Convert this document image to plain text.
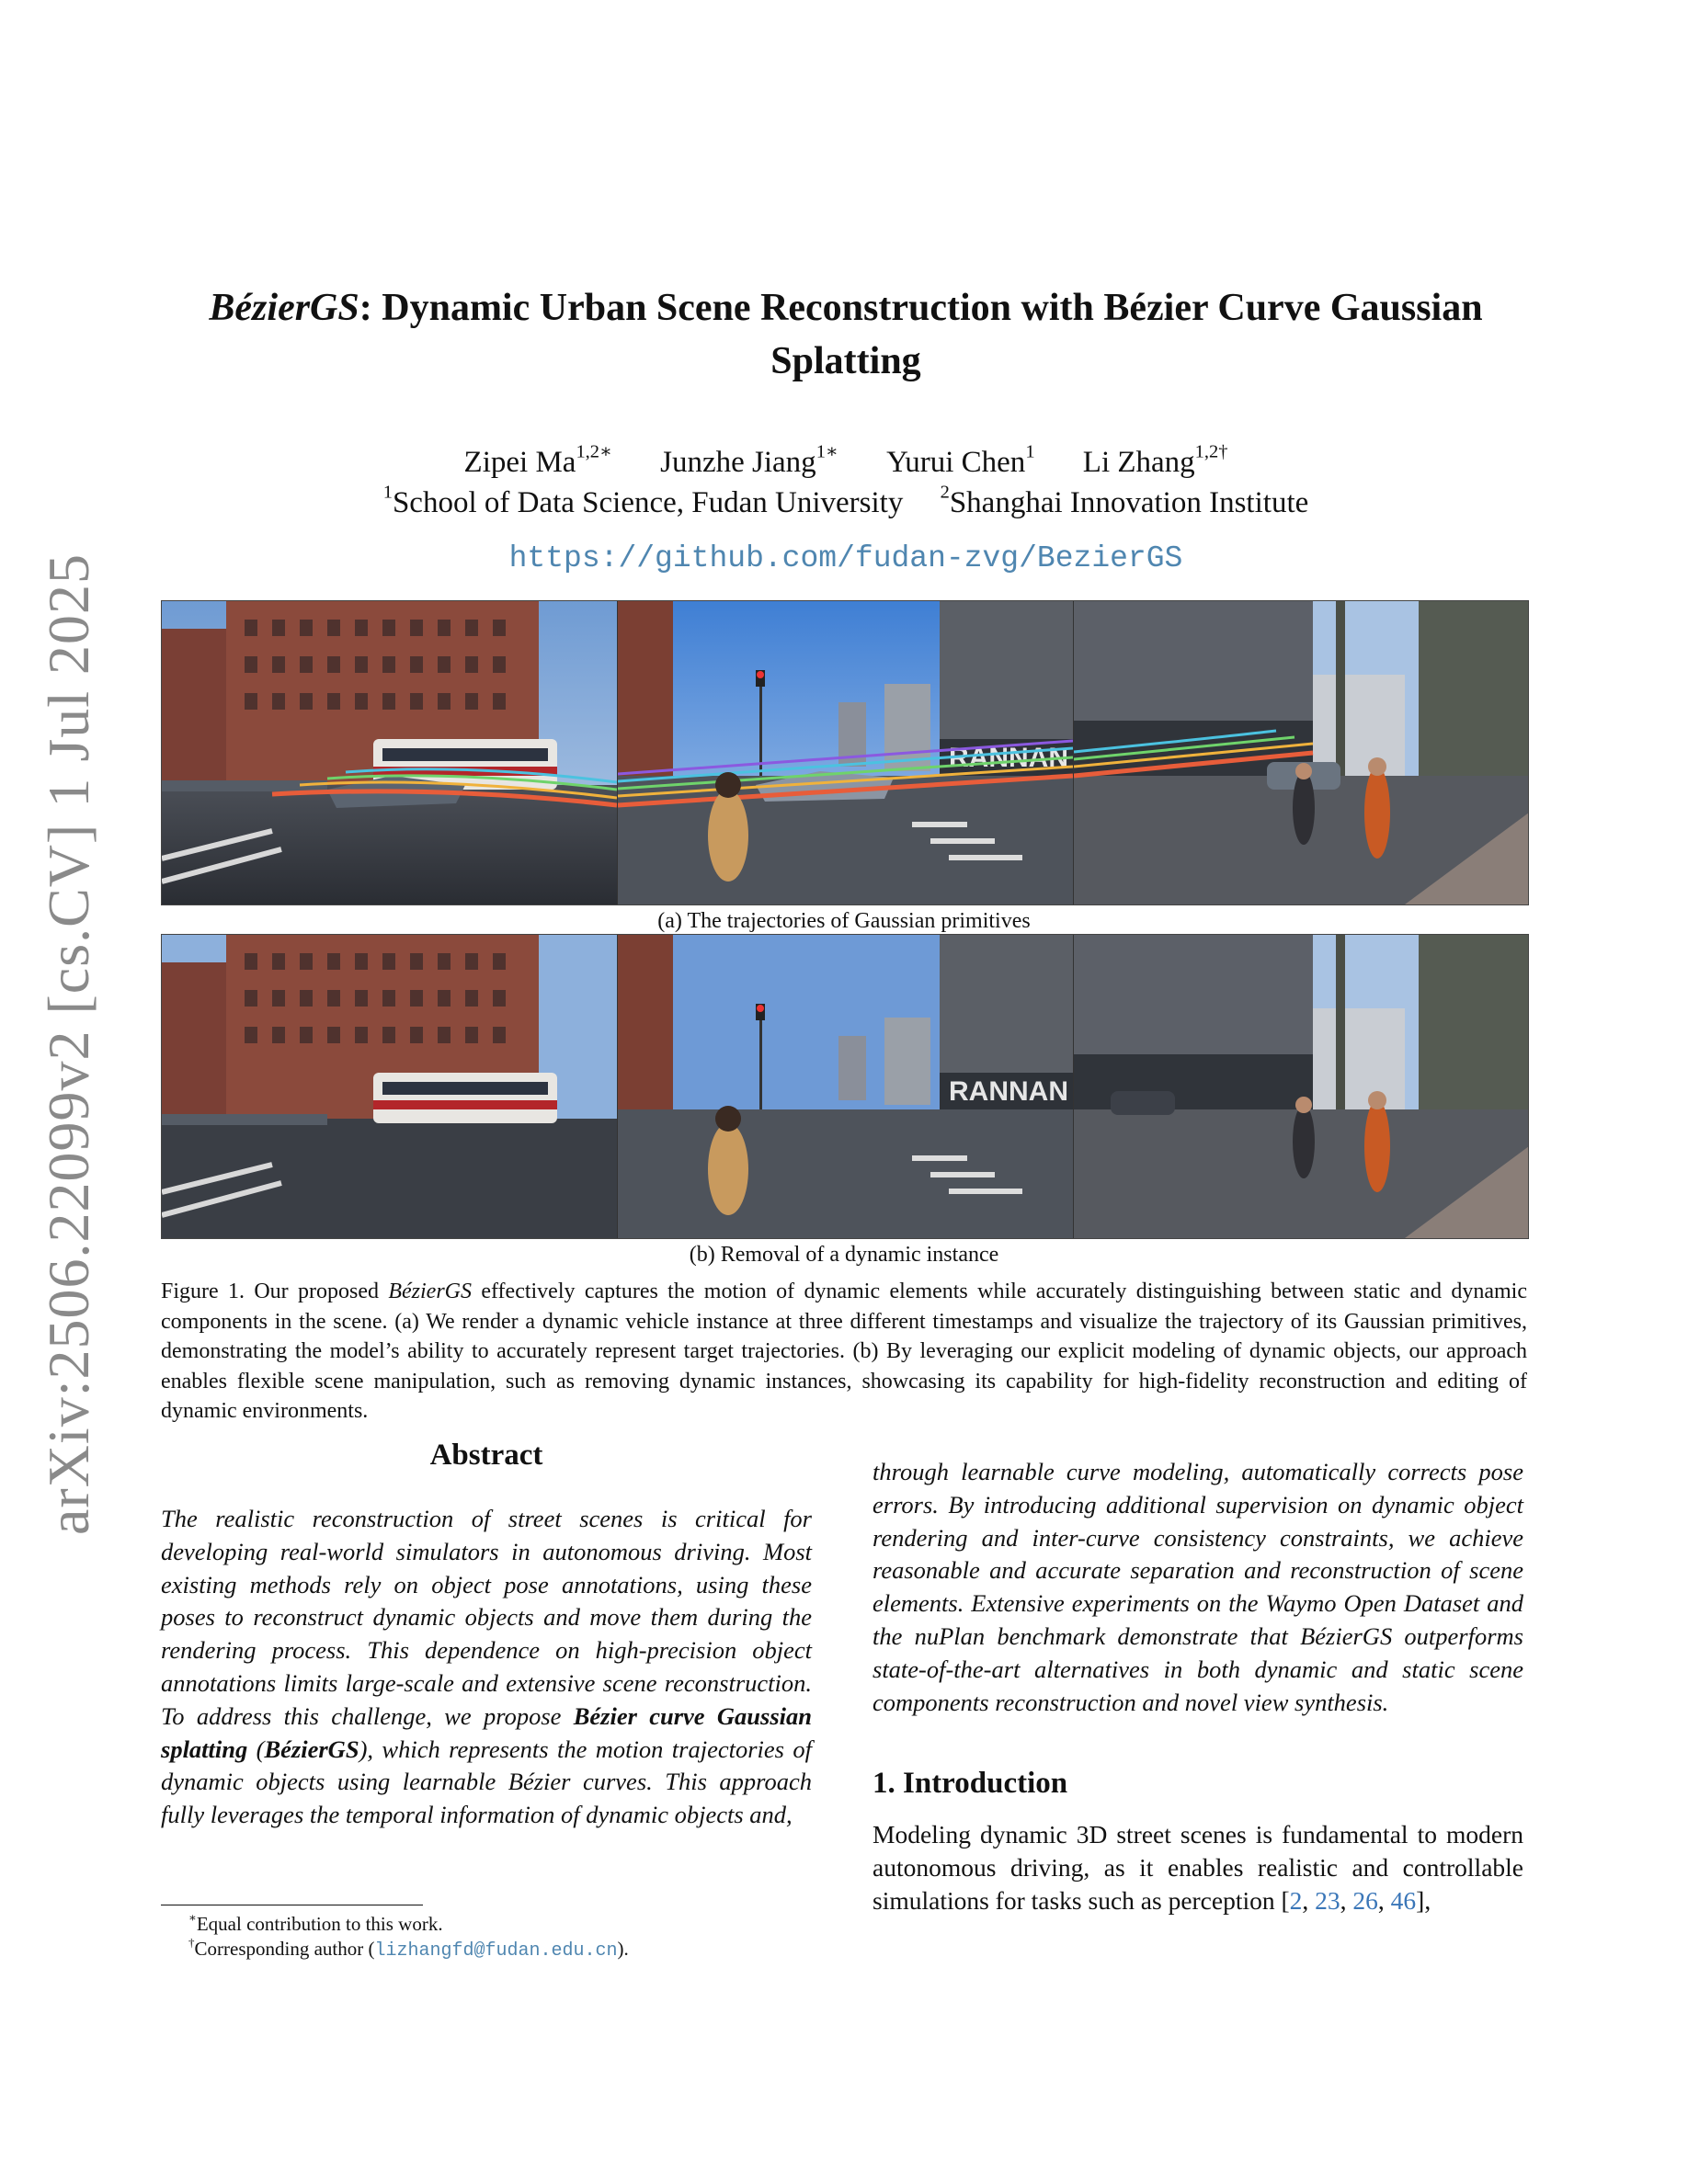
arXiv:2506.22099v2 [cs.CV] 1 Jul 2025
BézierGS: Dynamic Urban Scene Reconstruction with Bézier Curve Gaussian Splatting
Zipei $Ma^{1,2∗}$ Junzhe Jiang$^{1∗}$ Yurui Chen$^1$ Li Zhang$^{1,2\dagger}$
$^1$School of Data Science, Fudan University $^2$Shanghai Innovation Institute
https://github.com/fudan-zvg/BezierGS
RANNAN
(a) The trajectories of Gaussian primitives
RANNAN
(b) Removal of a dynamic instance
Figure 1. Our proposed BézierGS effectively captures the motion of dynamic elements while accurately distinguishing between static and dynamic components in the scene. (a) We render a dynamic vehicle instance at three different timestamps and visualize the trajectory of its Gaussian primitives, demonstrating the model’s ability to accurately represent target trajectories. (b) By leveraging our explicit modeling of dynamic objects, our approach enables flexible scene manipulation, such as removing dynamic instances, showcasing its capability for high-fidelity reconstruction and editing of dynamic environments.
Abstract
The realistic reconstruction of street scenes is critical for developing real-world simulators in autonomous driving. Most existing methods rely on object pose annotations, using these poses to reconstruct dynamic objects and move them during the rendering process. This dependence on high-precision object annotations limits large-scale and extensive scene reconstruction. To address this challenge, we propose Bézier curve Gaussian splatting (BézierGS), which represents the motion trajectories of dynamic objects using learnable Bézier curves. This approach fully leverages the temporal information of dynamic objects and,
through learnable curve modeling, automatically corrects pose errors. By introducing additional supervision on dynamic object rendering and inter-curve consistency constraints, we achieve reasonable and accurate separation and reconstruction of scene elements. Extensive experiments on the Waymo Open Dataset and the nuPlan benchmark demonstrate that BézierGS outperforms state-of-the-art alternatives in both dynamic and static scene components reconstruction and novel view synthesis.
1. Introduction
Modeling dynamic 3D street scenes is fundamental to modern autonomous driving, as it enables realistic and controllable simulations for tasks such as perception [2, 23, 26, 46],
∗Equal contribution to this work.
†Corresponding author (lizhangfd@fudan.edu.cn).
